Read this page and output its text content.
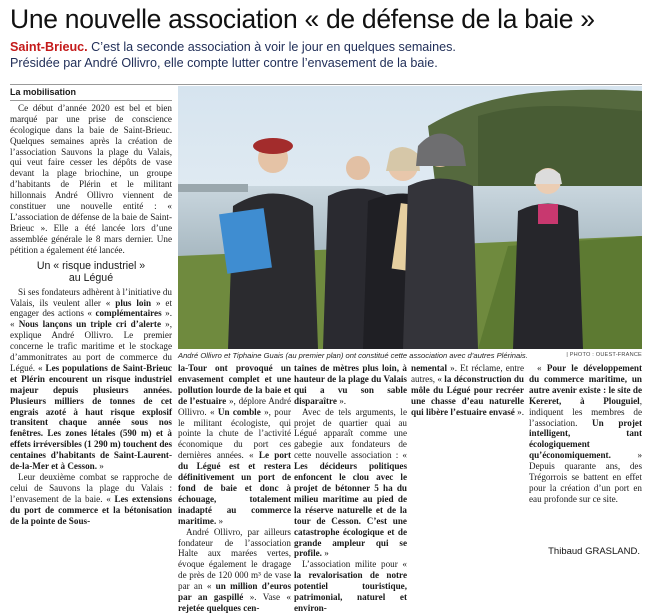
Une nouvelle association « de défense de la baie »
Saint-Brieuc. C’est la seconde association à voir le jour en quelques semaines.
Présidée par André Ollivro, elle compte lutter contre l’envasement de la baie.
La mobilisation

Ce début d’année 2020 est bel et bien marqué par une prise de conscience écologique dans la baie de Saint-Brieuc. Quelques semaines après la création de l’association Sauvons la plage du Valais, qui veut faire cesser les dépôts de vase devant la plage briochine, un groupe d’habitants de Plérin et le militant hillonnais André Ollivro viennent de constituer une nouvelle entité : « L’association de défense de la baie de Saint-Brieuc ». Elle a été lancée lors d’une assemblée générale le 8 mars dernier. Une pétition a également été lancée.

Un « risque industriel »
au Légué

Si ses fondateurs adhèrent à l’initiative du Valais, ils veulent aller « plus loin » et engager des actions « complémentaires ». « Nous lançons un triple cri d’alerte », explique André Ollivro. Le premier concerne le trafic maritime et le stockage d’ammonitrates au port de commerce du Légué. « Les populations de Saint-Brieuc et Plérin encourent un risque industriel majeur depuis plusieurs années. Plusieurs milliers de tonnes de cet engrais azoté à haut risque explosif transitent chaque année sous nos fenêtres. Les zones létales (590 m) et à effets irréversibles (1 290 m) touchent des centaines d’habitants de Saint-Laurent-de-la-Mer et à Cesson. »

Leur deuxième combat se rapproche de celui de Sauvons la plage du Valais : l’envasement de la baie. « Les extensions du port de commerce et la bétonisation de la pointe de Sous-

André Ollivro et Tiphaine Guais (au premier plan) ont constitué cette association avec d’autres Plérinais.	| PHOTO : OUEST-FRANCE

la-Tour ont provoqué un envasement complet et une pollution lourde de la baie et de l’estuaire », déplore André Ollivro. « Un comble », pour le militant écologiste, qui pointe la chute de l’activité économique du port ces dernières années. « Le port du Légué est et restera définitivement un port de fond de baie et donc à échouage, totalement inadapté au commerce maritime. »

André Ollivro, par ailleurs fondateur de l’association Halte aux marées vertes, évoque également le dragage de près de 120 000 m³ de vase par an « un million d’euros par an gaspillé ». Vase « rejetée quelques cen-

taines de mètres plus loin, à hauteur de la plage du Valais qui a vu son sable disparaître ».

Avec de tels arguments, le projet de quartier quai au Légué apparaît comme une gabegie aux fondateurs de cette nouvelle association : « Les décideurs politiques enfoncent le clou avec le projet de bétonner 5 ha du milieu maritime au pied de la réserve naturelle et de la tour de Cesson. C’est une catastrophe écologique et de grande ampleur qui se profile. »

L’association milite pour « la revalorisation de notre potentiel touristique, patrimonial, naturel et environ-

nemental ». Et réclame, entre autres, « la déconstruction du môle du Légué pour recréer une chasse d’eau naturelle qui libère l’estuaire envasé ».

« Pour le développement du commerce maritime, un autre avenir existe : le site de Kereret, à Plouguiel, indiquent les membres de l’association. Un projet intelligent, tant écologiquement qu’économiquement. » Depuis quarante ans, des Trégorrois se battent en effet pour la création d’un port en eau profonde sur ce site.

Thibaud GRASLAND.
